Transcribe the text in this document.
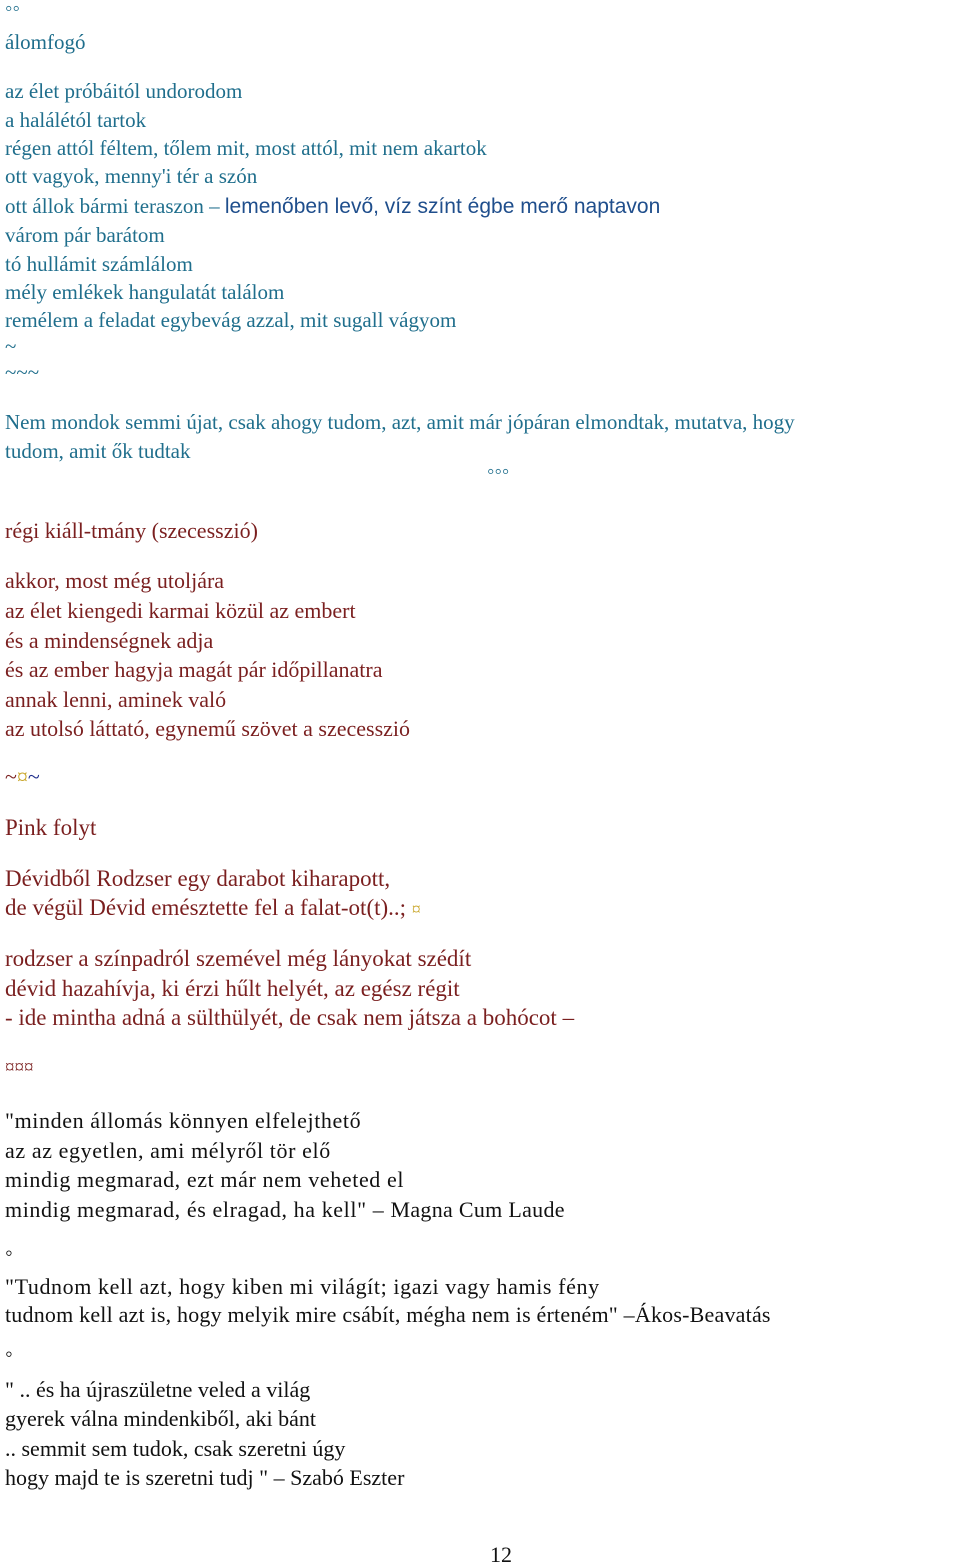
◦◦
álomfogó
az élet próbáitól undorodom
a halálétól tartok
régen attól féltem, tőlem mit, most attól, mit nem akartok
ott vagyok, menny'i tér a szón
ott állok bármi teraszon – lemenőben levő, víz színt égbe merő naptavon
várom pár barátom
tó hullámit számlálom
mély emlékek hangulatát találom
remélem a feladat egybevág azzal, mit sugall vágyom
~
~~~
Nem mondok semmi újat, csak ahogy tudom, azt, amit már jópáran elmondtak, mutatva, hogy
tudom, amit ők tudtak
◦◦◦
régi kiáll-tmány (szecesszió)
akkor, most még utoljára
az élet kiengedi karmai közül az embert
és a mindenségnek adja
és az ember hagyja magát pár időpillanatra
annak lenni, aminek való
az utolsó láttató, egynemű szövet a szecesszió
~¤~
Pink folyt
Dévidből Rodzser egy darabot kiharapott,
de végül Dévid emésztette fel a falat-ot(t)..; ¤
rodzser a színpadról szemével még lányokat szédít
dévid hazahívja, ki érzi hűlt helyét, az egész régit
- ide mintha adná a sülthülyét, de csak nem játsza a bohócot –
¤¤¤
"minden állomás könnyen elfelejthető
az az egyetlen, ami mélyről tör elő
mindig megmarad, ezt már nem veheted el
mindig megmarad, és elragad, ha kell" – Magna Cum Laude
◦
"Tudnom kell azt, hogy kiben mi világít; igazi vagy hamis fény
tudnom kell azt is, hogy melyik mire csábít, mégha nem is érteném" –Ákos-Beavatás
◦
" .. és ha újraszületne veled a világ
gyerek válna mindenkiből, aki bánt
.. semmit sem tudok, csak szeretni úgy
hogy majd te is szeretni tudj " – Szabó Eszter
12
